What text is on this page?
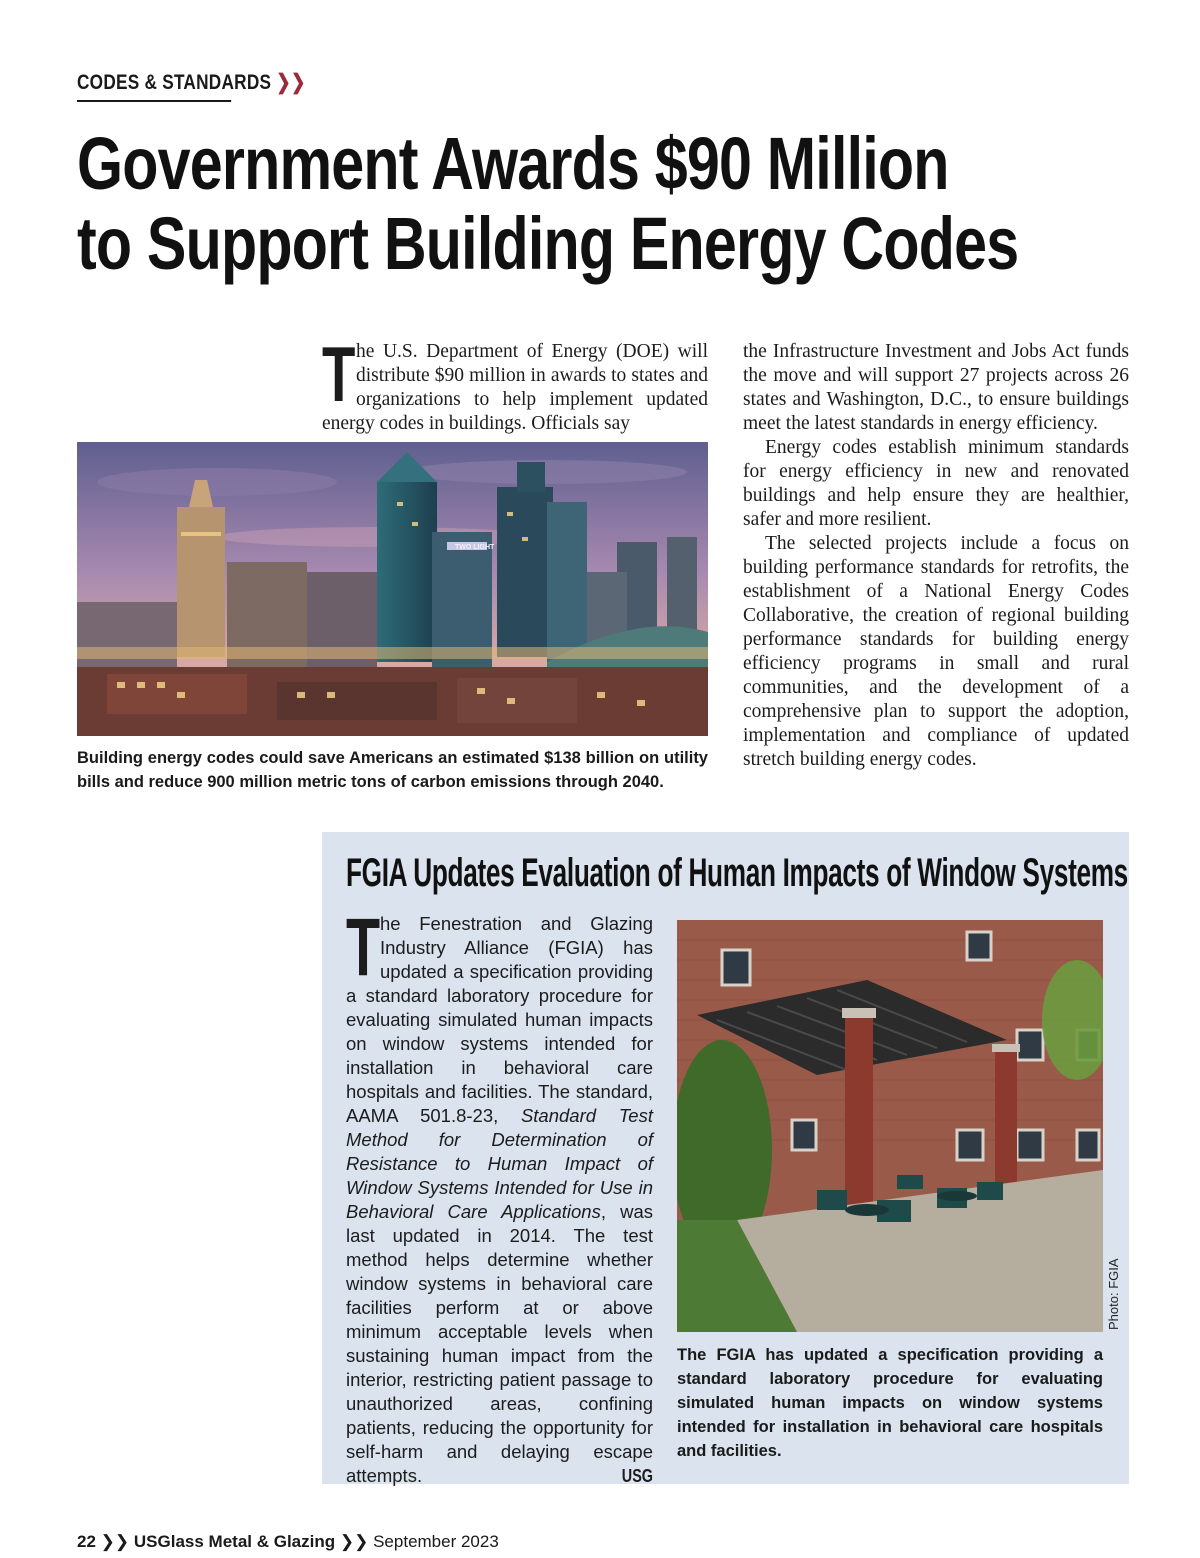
CODES & STANDARDS ❯❯
Government Awards $90 Million
to Support Building Energy Codes
T he U.S. Department of Energy (DOE) will distribute $90 million in awards to states and organizations to help implement updated energy codes in buildings. Officials say
TWO LIGHT
Building energy codes could save Americans an estimated $138 billion on utility bills and reduce 900 million metric tons of carbon emissions through 2040.

the Infrastructure Investment and Jobs Act funds the move and will support 27 projects across 26 states and Washington, D.C., to ensure buildings meet the latest standards in energy efficiency.

Energy codes establish minimum standards for energy efficiency in new and renovated buildings and help ensure they are healthier, safer and more resilient.

The selected projects include a focus on building performance standards for retrofits, the establishment of a National Energy Codes Collaborative, the creation of regional building performance standards for building energy efficiency programs in small and rural communities, and the development of a comprehensive plan to support the adoption, implementation and compliance of updated stretch building energy codes.

FGIA Updates Evaluation of Human Impacts of Window Systems
The Fenestration and Glazing Industry Alliance (FGIA) has updated a specification providing a standard laboratory procedure for evaluating simulated human impacts on window systems intended for installation in behavioral care hospitals and facilities. The standard, AAMA 501.8-23, Standard Test Method for Determination of Resistance to Human Impact of Window Systems Intended for Use in Behavioral Care Applications, was last updated in 2014. The test method helps determine whether window systems in behavioral care facilities perform at or above minimum acceptable levels when sustaining human impact from the interior, restricting patient passage to unauthorized areas, confining patients, reducing the opportunity for self-harm and delaying escape attempts.	USG
The FGIA has updated a specification providing a standard laboratory procedure for evaluating simulated human impacts on window systems intended for installation in behavioral care hospitals and facilities.
22 ❯❯ USGlass Metal & Glazing ❯❯ September 2023
